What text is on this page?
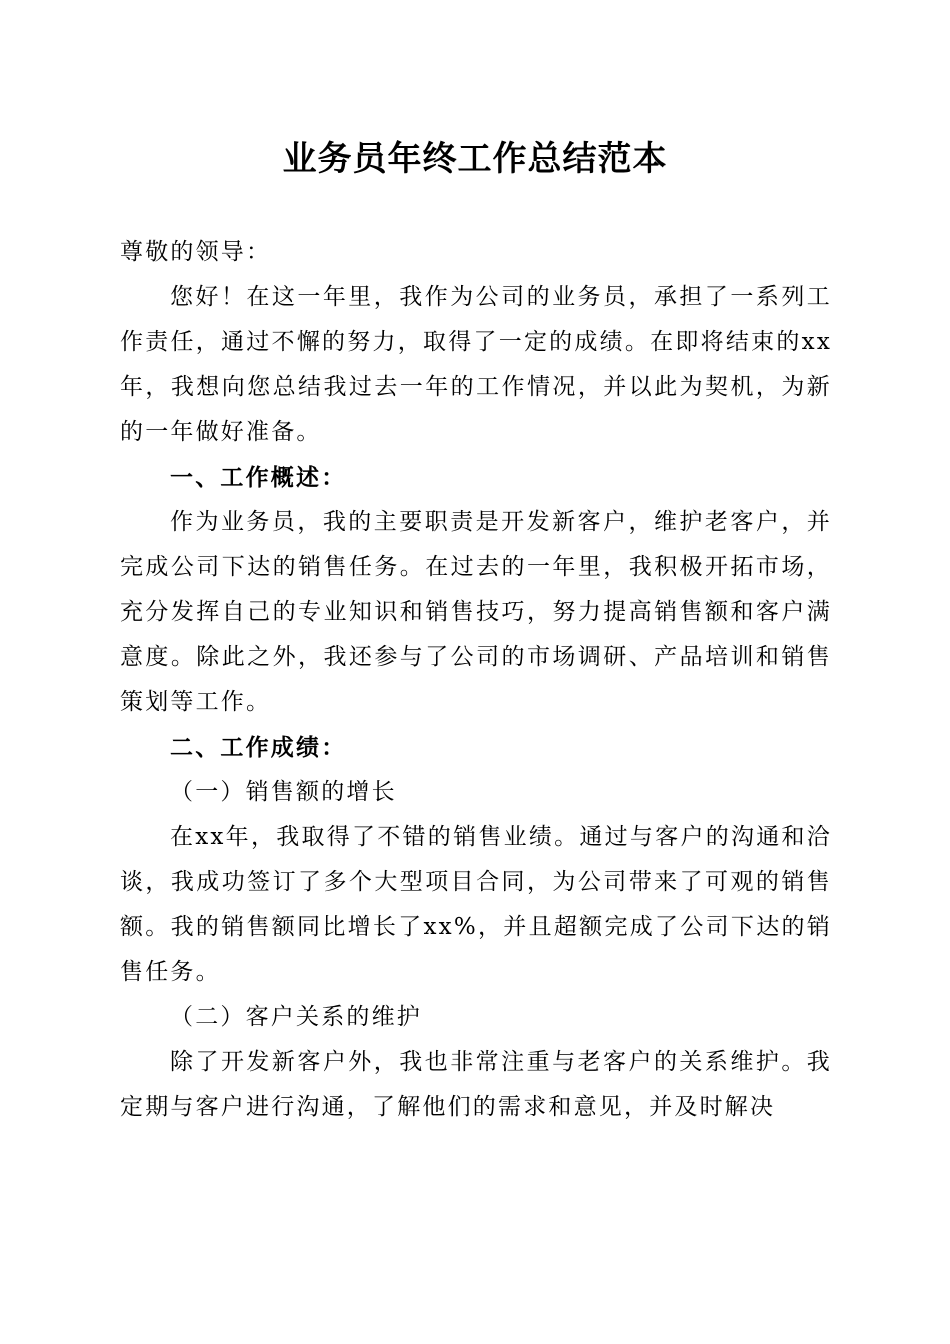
业务员年终工作总结范本

尊敬的领导：

您好！在这一年里，我作为公司的业务员，承担了一系列工作责任，通过不懈的努力，取得了一定的成绩。在即将结束的xx年，我想向您总结我过去一年的工作情况，并以此为契机，为新的一年做好准备。

一、工作概述：

作为业务员，我的主要职责是开发新客户，维护老客户，并完成公司下达的销售任务。在过去的一年里，我积极开拓市场，充分发挥自己的专业知识和销售技巧，努力提高销售额和客户满意度。除此之外，我还参与了公司的市场调研、产品培训和销售策划等工作。

二、工作成绩：

（一）销售额的增长

在xx年，我取得了不错的销售业绩。通过与客户的沟通和洽谈，我成功签订了多个大型项目合同，为公司带来了可观的销售额。我的销售额同比增长了xx%，并且超额完成了公司下达的销售任务。

（二）客户关系的维护

除了开发新客户外，我也非常注重与老客户的关系维护。我定期与客户进行沟通，了解他们的需求和意见，并及时解决
